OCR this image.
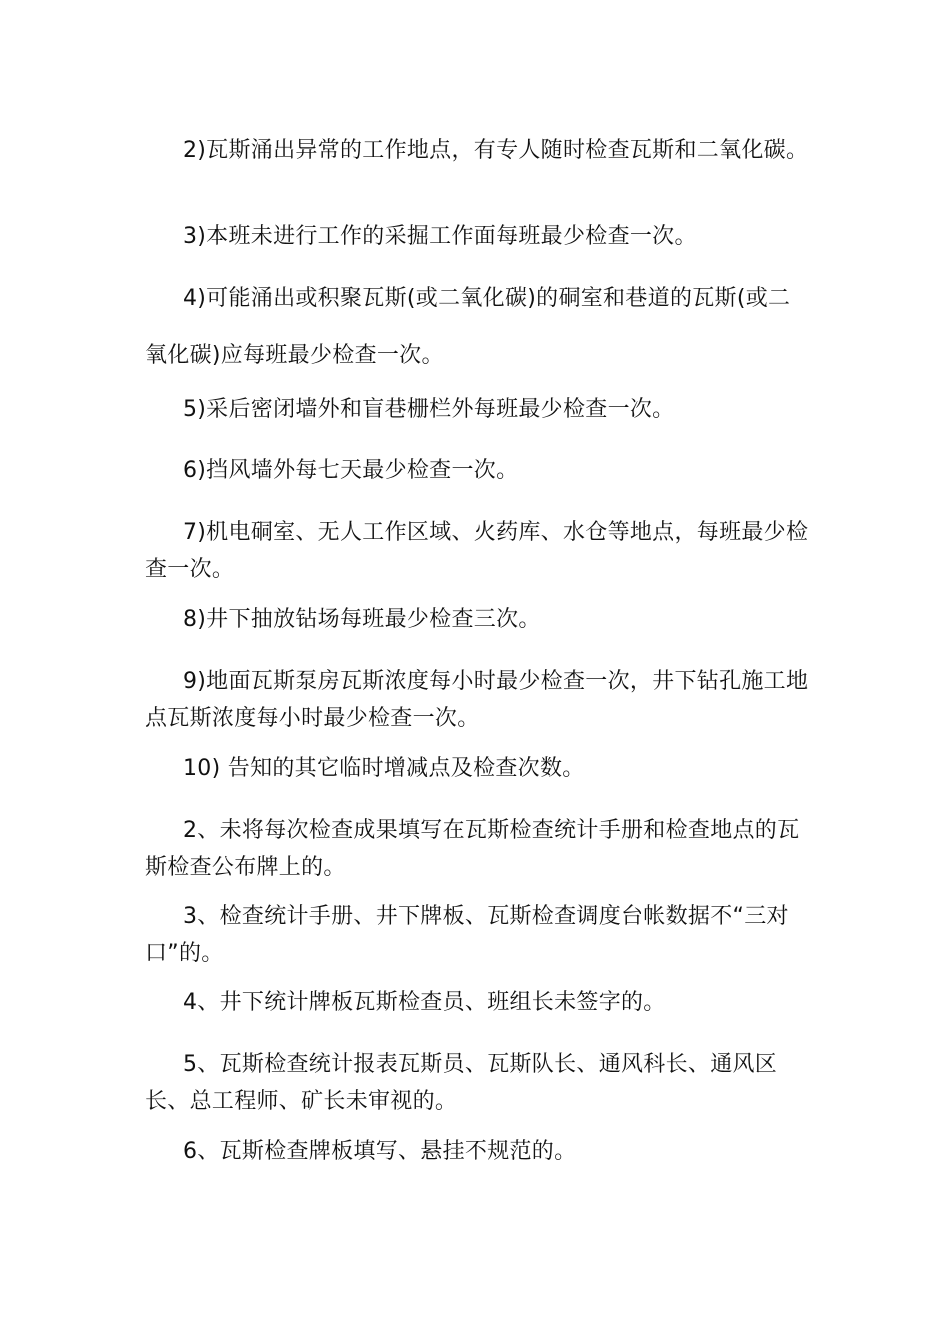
2)瓦斯涌出异常的工作地点，有专人随时检查瓦斯和二氧化碳。

3)本班未进行工作的采掘工作面每班最少检查一次。

4)可能涌出或积聚瓦斯(或二氧化碳)的硐室和巷道的瓦斯(或二氧化碳)应每班最少检查一次。

5)采后密闭墙外和盲巷栅栏外每班最少检查一次。

6)挡风墙外每七天最少检查一次。

7)机电硐室、无人工作区域、火药库、水仓等地点，每班最少检查一次。

8)井下抽放钻场每班最少检查三次。

9)地面瓦斯泵房瓦斯浓度每小时最少检查一次，井下钻孔施工地点瓦斯浓度每小时最少检查一次。

10) 告知的其它临时增减点及检查次数。

2、未将每次检查成果填写在瓦斯检查统计手册和检查地点的瓦斯检查公布牌上的。

3、检查统计手册、井下牌板、瓦斯检查调度台帐数据不“三对口”的。

4、井下统计牌板瓦斯检查员、班组长未签字的。

5、瓦斯检查统计报表瓦斯员、瓦斯队长、通风科长、通风区长、总工程师、矿长未审视的。

6、瓦斯检查牌板填写、悬挂不规范的。
